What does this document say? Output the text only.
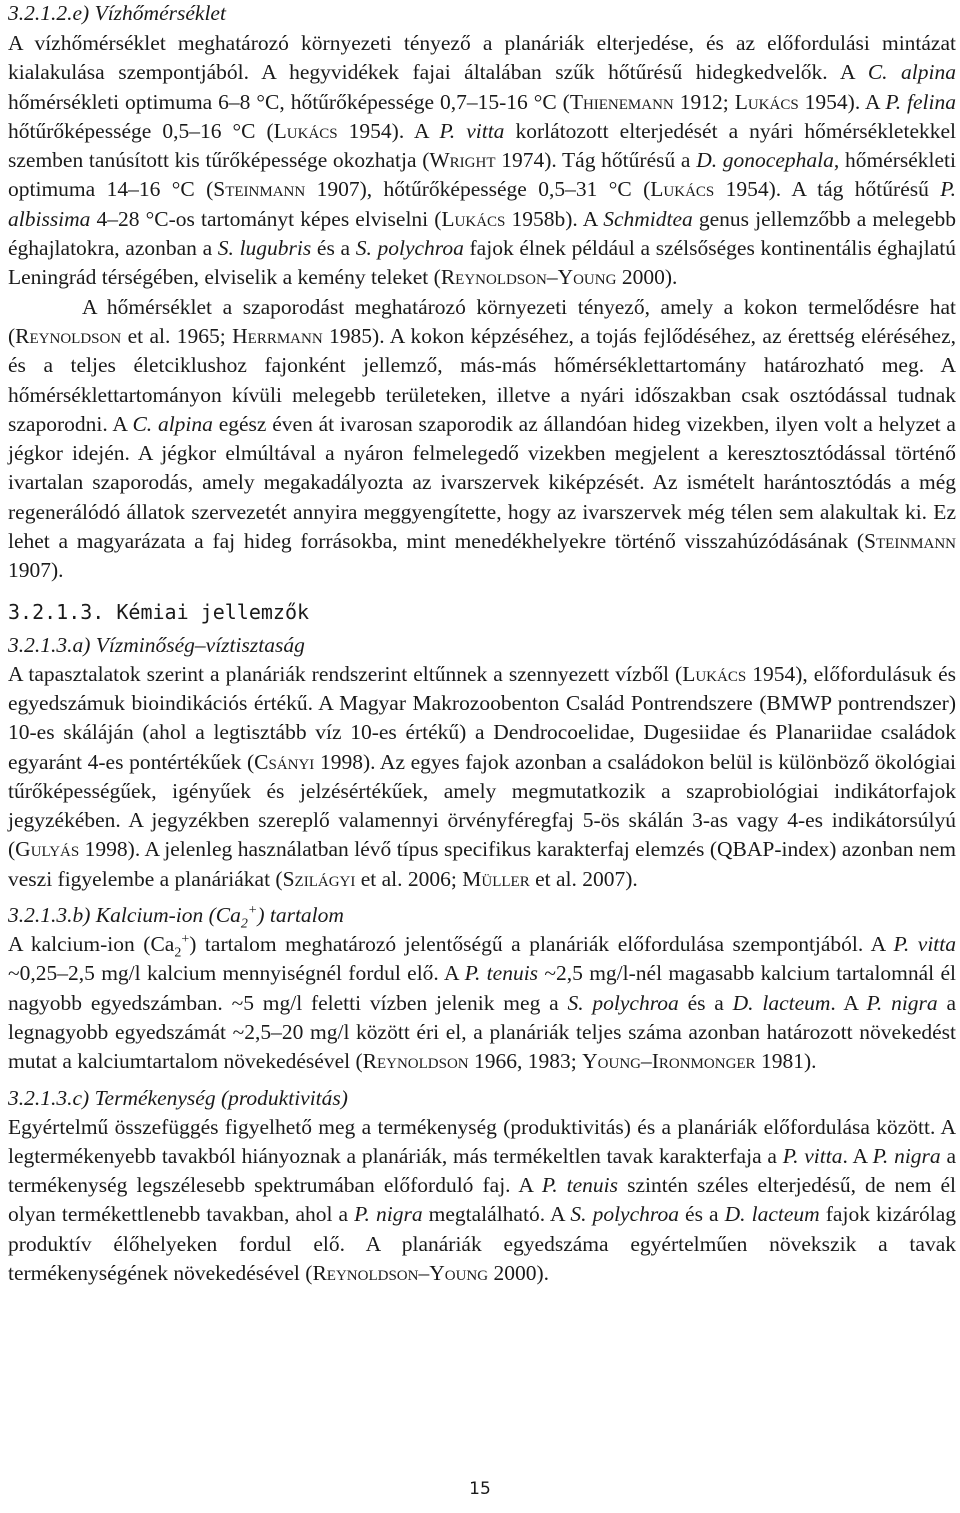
3.2.1.2.e) Vízhőmérséklet

A vízhőmérséklet meghatározó környezeti tényező a planáriák elterjedése, és az előfordulási mintázat kialakulása szempontjából. A hegyvidékek fajai általában szűk hőtűrésű hidegkedvelők. A C. alpina hőmérsékleti optimuma 6–8 °C, hőtűrőképessége 0,7–15-16 °C (Thienemann 1912; Lukács 1954). A P. felina hőtűrőképessége 0,5–16 °C (Lukács 1954). A P. vitta korlátozott elterjedését a nyári hőmérsékletekkel szemben tanúsított kis tűrőképessége okozhatja (Wright 1974). Tág hőtűrésű a D. gonocephala, hőmérsékleti optimuma 14–16 °C (Steinmann 1907), hőtűrőképessége 0,5–31 °C (Lukács 1954). A tág hőtűrésű P. albissima 4–28 °C-os tartományt képes elviselni (Lukács 1958b). A Schmidtea genus jellemzőbb a melegebb éghajlatokra, azonban a S. lugubris és a S. polychroa fajok élnek például a szélsőséges kontinentális éghajlatú Leningrád térségében, elviselik a kemény teleket (Reynoldson–Young 2000).

A hőmérséklet a szaporodást meghatározó környezeti tényező, amely a kokon termelődésre hat (Reynoldson et al. 1965; Herrmann 1985). A kokon képzéséhez, a tojás fejlődéséhez, az érettség eléréséhez, és a teljes életciklushoz fajonként jellemző, más-más hőmérséklettartomány határozható meg. A hőmérséklettartományon kívüli melegebb területeken, illetve a nyári időszakban csak osztódással tudnak szaporodni. A C. alpina egész éven át ivarosan szaporodik az állandóan hideg vizekben, ilyen volt a helyzet a jégkor idején. A jégkor elmúltával a nyáron felmelegedő vizekben megjelent a keresztosztódással történő ivartalan szaporodás, amely megakadályozta az ivarszervek kiképzését. Az ismételt harántosztódás a még regenerálódó állatok szervezetét annyira meggyengítette, hogy az ivarszervek még télen sem alakultak ki. Ez lehet a magyarázata a faj hideg forrásokba, mint menedékhelyekre történő visszahúzódásának (Steinmann 1907).

3.2.1.3. Kémiai jellemzők

3.2.1.3.a) Vízminőség–víztisztaság

A tapasztalatok szerint a planáriák rendszerint eltűnnek a szennyezett vízből (Lukács 1954), előfordulásuk és egyedszámuk bioindikációs értékű. A Magyar Makrozoobenton Család Pontrendszere (BMWP pontrendszer) 10-es skáláján (ahol a legtisztább víz 10-es értékű) a Dendrocoelidae, Dugesiidae és Planariidae családok egyaránt 4-es pontértékűek (Csányi 1998). Az egyes fajok azonban a családokon belül is különböző ökológiai tűrőképességűek, igényűek és jelzésértékűek, amely megmutatkozik a szaprobiológiai indikátorfajok jegyzékében. A jegyzékben szereplő valamennyi örvényféregfaj 5-ös skálán 3-as vagy 4-es indikátorsúlyú (Gulyás 1998). A jelenleg használatban lévő típus specifikus karakterfaj elemzés (QBAP-index) azonban nem veszi figyelembe a planáriákat (Szilágyi et al. 2006; Müller et al. 2007).

3.2.1.3.b) Kalcium-ion $(Ca_2^+)$ tartalom

A kalcium-ion $(Ca_2^+)$ tartalom meghatározó jelentőségű a planáriák előfordulása szempontjából. A P. vitta ~0,25–2,5 mg/l kalcium mennyiségnél fordul elő. A P. tenuis ~2,5 mg/l-nél magasabb kalcium tartalomnál él nagyobb egyedszámban. ~5 mg/l feletti vízben jelenik meg a S. polychroa és a D. lacteum. A P. nigra a legnagyobb egyedszámát ~2,5–20 mg/l között éri el, a planáriák teljes száma azonban határozott növekedést mutat a kalciumtartalom növekedésével (Reynoldson 1966, 1983; Young–Ironmonger 1981).

3.2.1.3.c) Termékenység (produktivitás)

Egyértelmű összefüggés figyelhető meg a termékenység (produktivitás) és a planáriák előfordulása között. A legtermékenyebb tavakból hiányoznak a planáriák, más termékeltlen tavak karakterfaja a P. vitta. A P. nigra a termékenység legszélesebb spektrumában előforduló faj. A P. tenuis szintén széles elterjedésű, de nem él olyan termékettlenebb tavakban, ahol a P. nigra megtalálható. A S. polychroa és a D. lacteum fajok kizárólag produktív élőhelyeken fordul elő. A planáriák egyedszáma egyértelműen növekszik a tavak termékenységének növekedésével (Reynoldson–Young 2000).

15
